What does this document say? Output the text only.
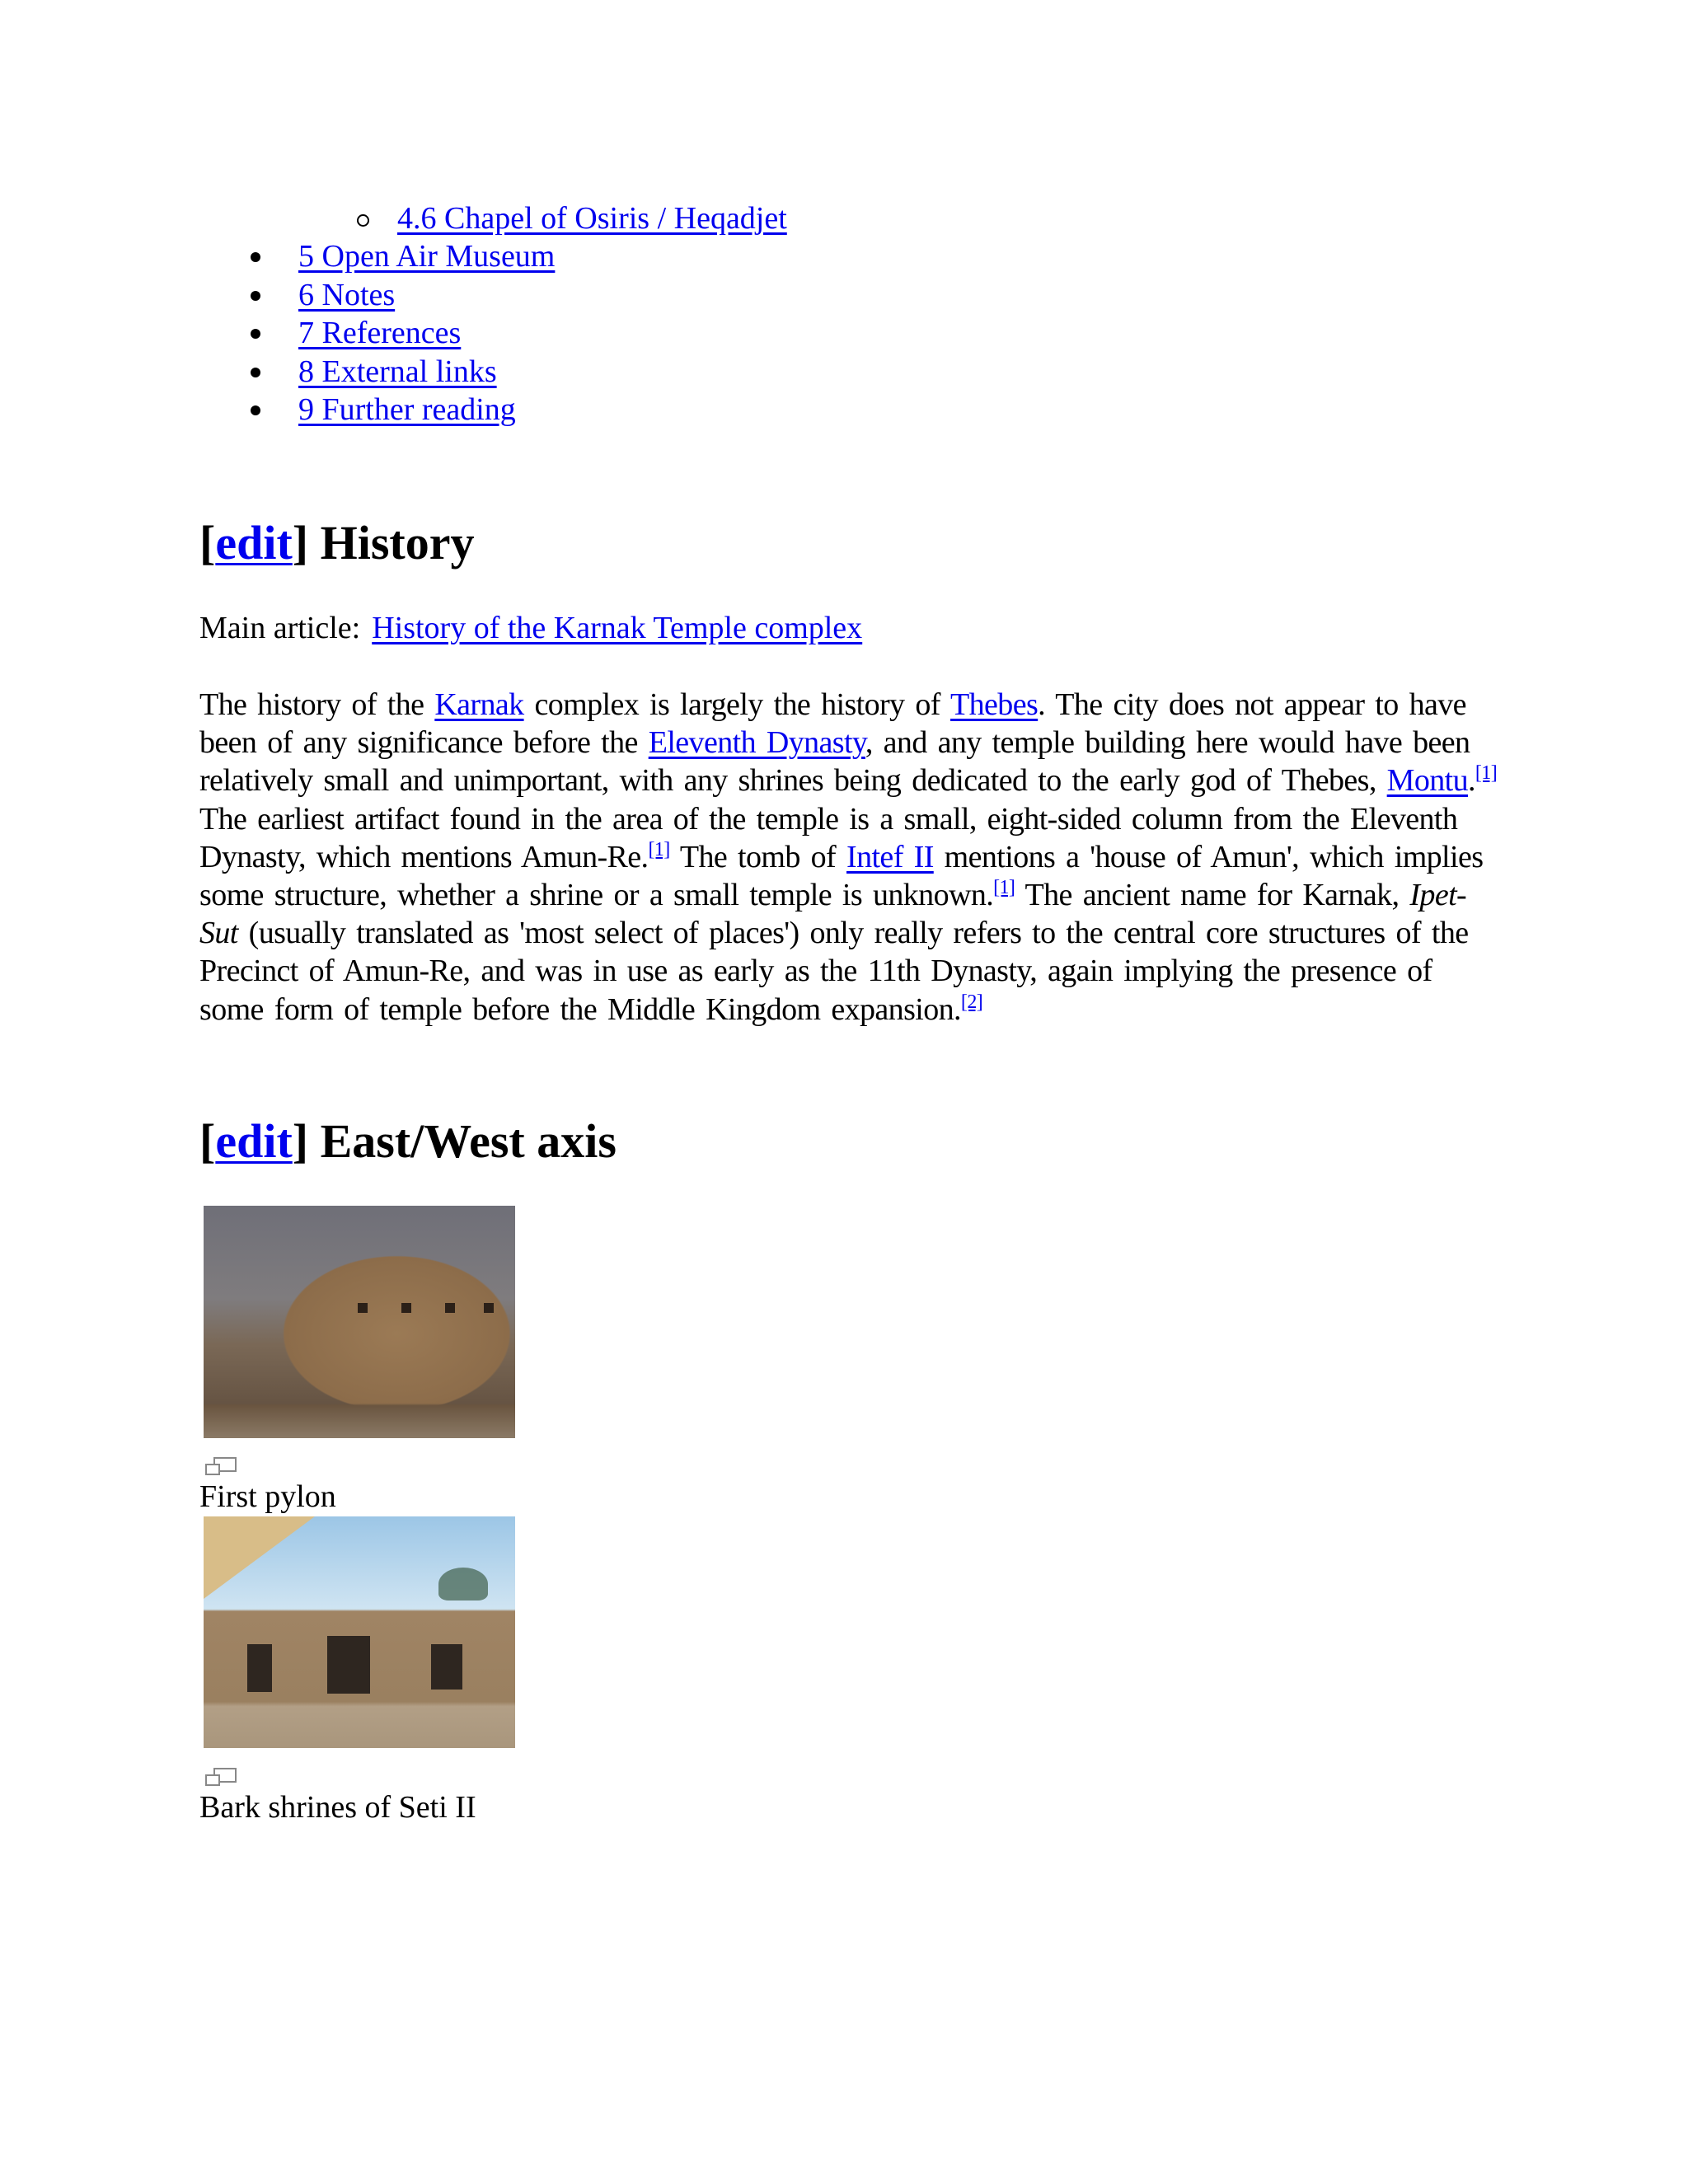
4.6 Chapel of Osiris / Heqadjet
5 Open Air Museum
6 Notes
7 References
8 External links
9 Further reading
[edit] History
Main article: History of the Karnak Temple complex

The history of the Karnak complex is largely the history of Thebes. The city does not appear to have been of any significance before the Eleventh Dynasty, and any temple building here would have been relatively small and unimportant, with any shrines being dedicated to the early god of Thebes, Montu.[1] The earliest artifact found in the area of the temple is a small, eight-sided column from the Eleventh Dynasty, which mentions Amun-Re.[1] The tomb of Intef II mentions a 'house of Amun', which implies some structure, whether a shrine or a small temple is unknown.[1] The ancient name for Karnak, Ipet-Sut (usually translated as 'most select of places') only really refers to the central core structures of the Precinct of Amun-Re, and was in use as early as the 11th Dynasty, again implying the presence of some form of temple before the Middle Kingdom expansion.[2]

[edit] East/West axis
First pylon
Bark shrines of Seti II
